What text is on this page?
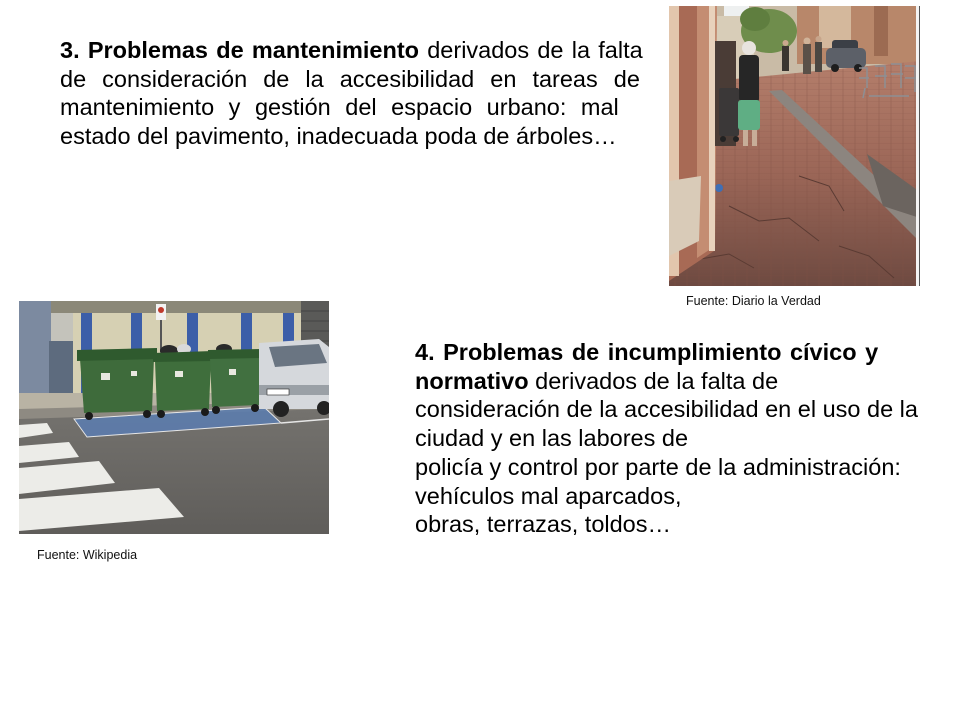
3. Problemas de mantenimiento derivados de la falta
de consideración de la accesibilidad en tareas de
mantenimiento y gestión del espacio urbano: mal
estado del pavimento, inadecuada poda de árboles…
Fuente: Diario la Verdad
Fuente: Wikipedia
4. Problemas de incumplimiento cívico y
normativo derivados de la falta de
consideración de la accesibilidad en el uso de la
ciudad y en las labores de
policía y control por parte de la administración:
vehículos mal aparcados,
obras, terrazas, toldos…
